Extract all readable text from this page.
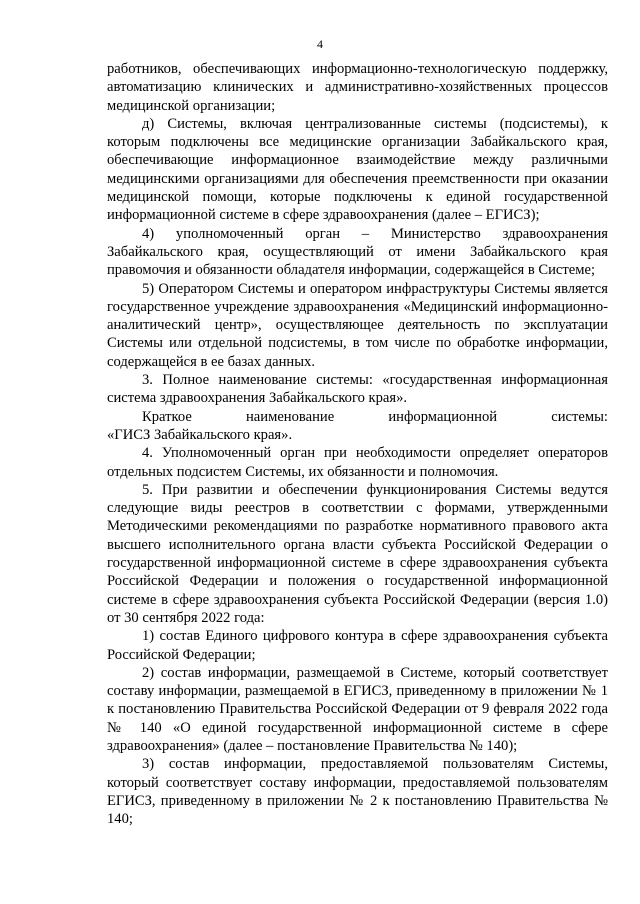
4

работников, обеспечивающих информационно-технологическую поддержку, автоматизацию клинических и административно-хозяйственных процессов медицинской организации;

д) Системы, включая централизованные системы (подсистемы), к которым подключены все медицинские организации Забайкальского края, обеспечивающие информационное взаимодействие между различными медицинскими организациями для обеспечения преемственности при оказании медицинской помощи, которые подключены к единой государственной информационной системе в сфере здравоохранения (далее – ЕГИСЗ);

4) уполномоченный орган – Министерство здравоохранения Забайкальского края, осуществляющий от имени Забайкальского края правомочия и обязанности обладателя информации, содержащейся в Системе;

5) Оператором Системы и оператором инфраструктуры Системы является государственное учреждение здравоохранения «Медицинский информационно-аналитический центр», осуществляющее деятельность по эксплуатации Системы или отдельной подсистемы, в том числе по обработке информации, содержащейся в ее базах данных.

3. Полное наименование системы: «государственная информационная система здравоохранения Забайкальского края».

Краткое	наименование	информационной	системы:

«ГИСЗ Забайкальского края».

4. Уполномоченный орган при необходимости определяет операторов отдельных подсистем Системы, их обязанности и полномочия.

5. При развитии и обеспечении функционирования Системы ведутся следующие виды реестров в соответствии с формами, утвержденными Методическими рекомендациями по разработке нормативного правового акта высшего исполнительного органа власти субъекта Российской Федерации о государственной информационной системе в сфере здравоохранения субъекта Российской Федерации и положения о государственной информационной системе в сфере здравоохранения субъекта Российской Федерации (версия 1.0) от 30 сентября 2022 года:

1) состав Единого цифрового контура в сфере здравоохранения субъекта Российской Федерации;

2) состав информации, размещаемой в Системе, который соответствует составу информации, размещаемой в ЕГИСЗ, приведенному в приложении № 1 к постановлению Правительства Российской Федерации от 9 февраля 2022 года № 140 «О единой государственной информационной системе в сфере здравоохранения» (далее – постановление Правительства № 140);

3) состав информации, предоставляемой пользователям Системы, который соответствует составу информации, предоставляемой пользователям ЕГИСЗ, приведенному в приложении № 2 к постановлению Правительства № 140;
